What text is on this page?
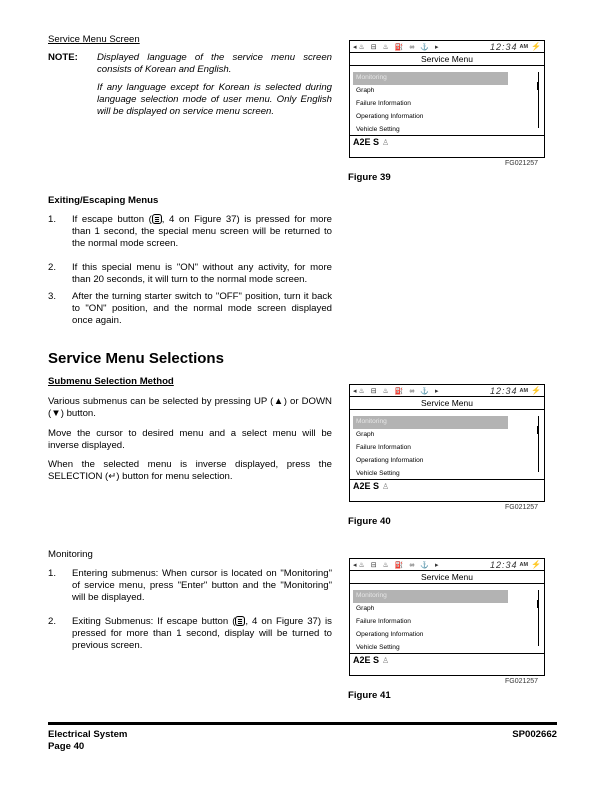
Service Menu Screen
NOTE: Displayed language of the service menu screen consists of Korean and English.
If any language except for Korean is selected during language selection mode of user menu. Only English will be displayed on service menu screen.
Exiting/Escaping Menus
1.	If escape button ( , 4 on Figure 37) is pressed for more than 1 second, the special menu screen will be returned to the normal mode screen.
2.	If this special menu is "ON" without any activity, for more than 20 seconds, it will turn to the normal mode screen.
3.	After the turning starter switch to "OFF" position, turn it back to "ON" position, and the normal mode screen displayed once again.
Service Menu Selections
Submenu Selection Method
Various submenus can be selected by pressing UP (▲) or DOWN (▼) button.
Move the cursor to desired menu and a select menu will be inverse displayed.
When the selected menu is inverse displayed, press the SELECTION (↵) button for menu selection.
Monitoring
1.	Entering submenus: When cursor is located on "Monitoring" of service menu, press "Enter" button and the "Monitoring" will be displayed.
2.	Exiting Submenus: If escape button ( , 4 on Figure 37) is pressed for more than 1 second, display will be turned to previous screen.
◂♨ ⊟ ♨ ⛽ ∞ ⚓ ▸	12:34 AM ⚡
Service Menu
Monitoring
Graph
Failure Information
Operationg Information
Vehicle Setting
A2E S ♙
FG021257
Figure 39
◂♨ ⊟ ♨ ⛽ ∞ ⚓ ▸	12:34 AM ⚡
Service Menu
Monitoring
Graph
Failure Information
Operationg Information
Vehicle Setting
A2E S ♙
FG021257
Figure 40
◂♨ ⊟ ♨ ⛽ ∞ ⚓ ▸	12:34 AM ⚡
Service Menu
Monitoring
Graph
Failure Information
Operationg Information
Vehicle Setting
A2E S ♙
FG021257
Figure 41
Electrical System
Page 40
SP002662
